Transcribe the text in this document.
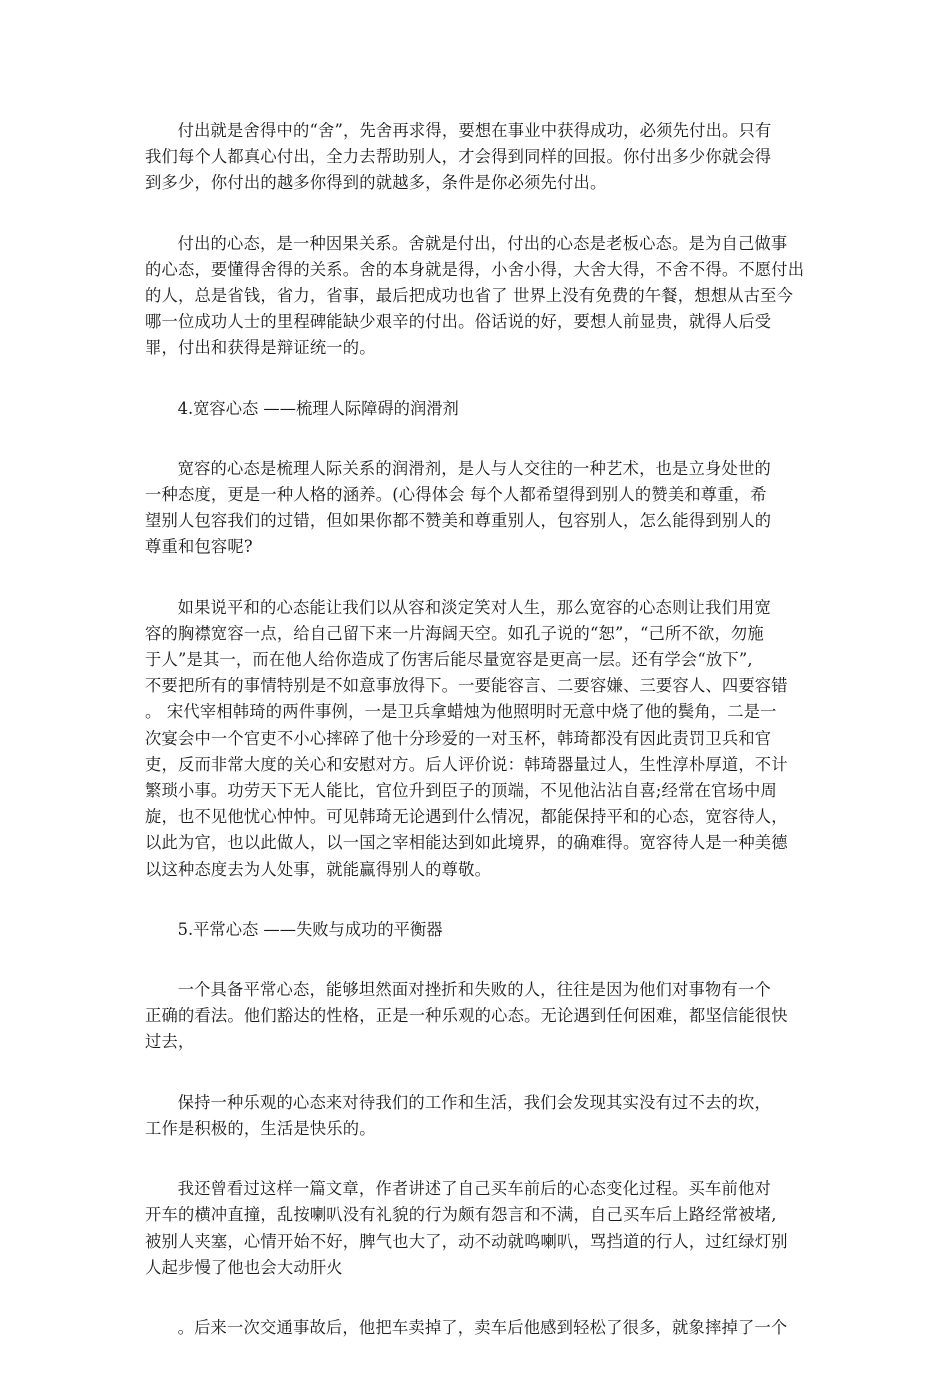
付出就是舍得中的“舍”，先舍再求得，要想在事业中获得成功，必须先付出。只有
我们每个人都真心付出，全力去帮助别人，才会得到同样的回报。你付出多少你就会得
到多少，你付出的越多你得到的就越多，条件是你必须先付出。
付出的心态，是一种因果关系。舍就是付出，付出的心态是老板心态。是为自己做事
的心态，要懂得舍得的关系。舍的本身就是得，小舍小得，大舍大得，不舍不得。不愿付出
的人，总是省钱，省力，省事，最后把成功也省了 世界上没有免费的午餐，想想从古至今
哪一位成功人士的里程碑能缺少艰辛的付出。俗话说的好，要想人前显贵，就得人后受
罪，付出和获得是辩证统一的。
4.宽容心态 ——梳理人际障碍的润滑剂
宽容的心态是梳理人际关系的润滑剂，是人与人交往的一种艺术，也是立身处世的
一种态度，更是一种人格的涵养。(心得体会 每个人都希望得到别人的赞美和尊重，希
望别人包容我们的过错，但如果你都不赞美和尊重别人，包容别人，怎么能得到别人的
尊重和包容呢?
如果说平和的心态能让我们以从容和淡定笑对人生，那么宽容的心态则让我们用宽
容的胸襟宽容一点，给自己留下来一片海阔天空。如孔子说的“恕”，“己所不欲，勿施
于人”是其一，而在他人给你造成了伤害后能尽量宽容是更高一层。还有学会“放下”,
不要把所有的事情特别是不如意事放得下。一要能容言、二要容嫌、三要容人、四要容错
。 宋代宰相韩琦的两件事例，一是卫兵拿蜡烛为他照明时无意中烧了他的鬓角，二是一
次宴会中一个官吏不小心摔碎了他十分珍爱的一对玉杯，韩琦都没有因此责罚卫兵和官
吏，反而非常大度的关心和安慰对方。后人评价说：韩琦器量过人，生性淳朴厚道，不计
繁琐小事。功劳天下无人能比，官位升到臣子的顶端，不见他沾沾自喜;经常在官场中周
旋，也不见他忧心忡忡。可见韩琦无论遇到什么情况，都能保持平和的心态，宽容待人，
以此为官，也以此做人，以一国之宰相能达到如此境界，的确难得。宽容待人是一种美德
以这种态度去为人处事，就能赢得别人的尊敬。
5.平常心态 ——失败与成功的平衡器
一个具备平常心态，能够坦然面对挫折和失败的人，往往是因为他们对事物有一个
正确的看法。他们豁达的性格，正是一种乐观的心态。无论遇到任何困难，都坚信能很快
过去，
保持一种乐观的心态来对待我们的工作和生活，我们会发现其实没有过不去的坎，
工作是积极的，生活是快乐的。
我还曾看过这样一篇文章，作者讲述了自己买车前后的心态变化过程。买车前他对
开车的横冲直撞，乱按喇叭没有礼貌的行为颇有怨言和不满，自己买车后上路经常被堵,
被别人夹塞，心情开始不好，脾气也大了，动不动就鸣喇叭，骂挡道的行人，过红绿灯别
人起步慢了他也会大动肝火
。后来一次交通事故后，他把车卖掉了，卖车后他感到轻松了很多，就象摔掉了一个
